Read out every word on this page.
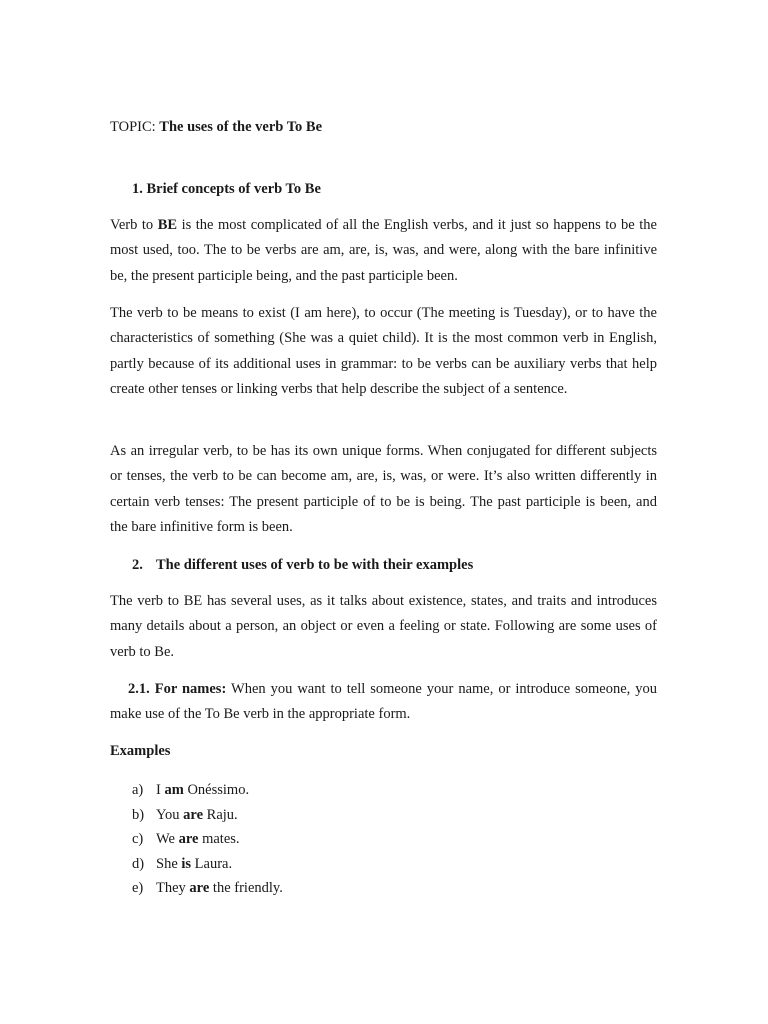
TOPIC: The uses of the verb To Be
1. Brief concepts of verb To Be

Verb to BE is the most complicated of all the English verbs, and it just so happens to be the most used, too. The to be verbs are am, are, is, was, and were, along with the bare infinitive be, the present participle being, and the past participle been.

The verb to be means to exist (I am here), to occur (The meeting is Tuesday), or to have the characteristics of something (She was a quiet child). It is the most common verb in English, partly because of its additional uses in grammar: to be verbs can be auxiliary verbs that help create other tenses or linking verbs that help describe the subject of a sentence.

As an irregular verb, to be has its own unique forms. When conjugated for different subjects or tenses, the verb to be can become am, are, is, was, or were. It’s also written differently in certain verb tenses: The present participle of to be is being. The past participle is been, and the bare infinitive form is been.

2. The different uses of verb to be with their examples

The verb to BE has several uses, as it talks about existence, states, and traits and introduces many details about a person, an object or even a feeling or state. Following are some uses of verb to Be.

2.1. For names: When you want to tell someone your name, or introduce someone, you make use of the To Be verb in the appropriate form.

Examples
a) I am Onéssimo.
b) You are Raju.
c) We are mates.
d) She is Laura.
e) They are the friendly.
